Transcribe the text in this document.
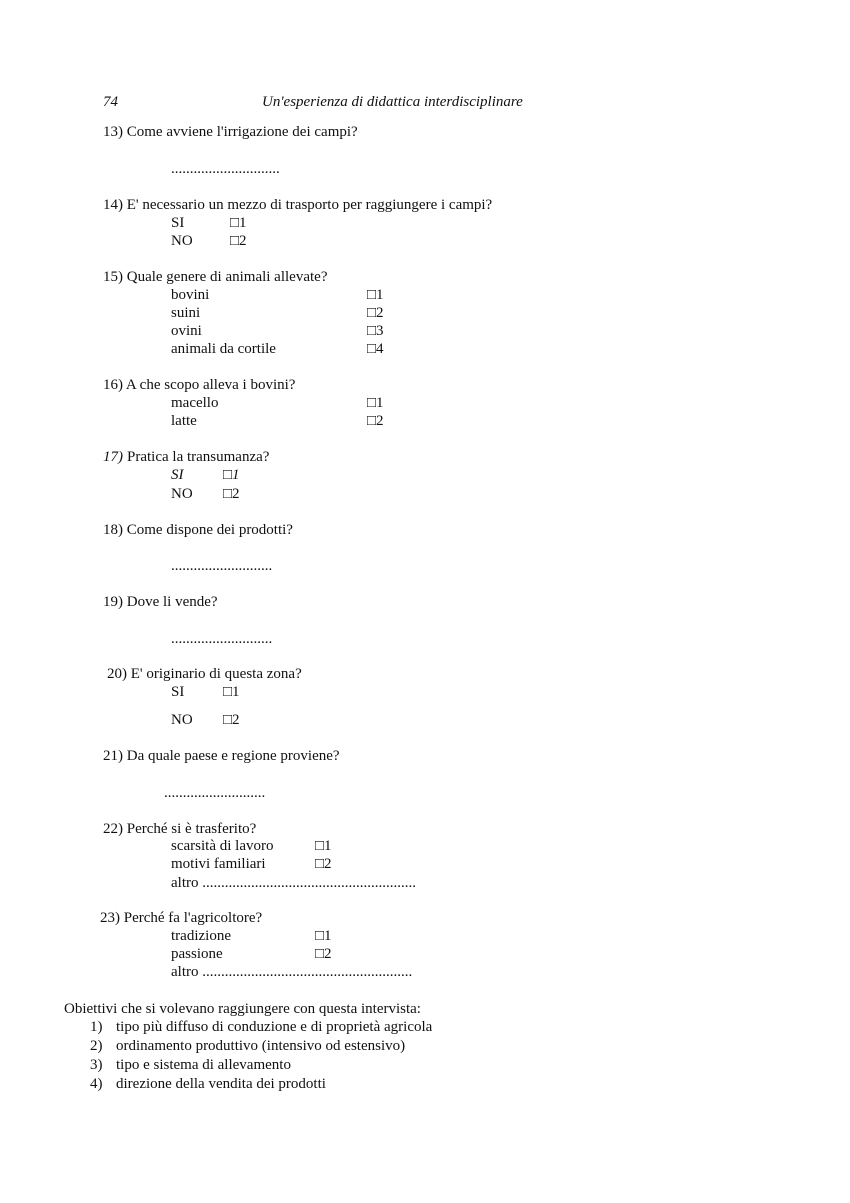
74	Un'esperienza di didattica interdisciplinare
13) Come avviene l'irrigazione dei campi?
.............................
14) E' necessario un mezzo di trasporto per raggiungere i campi?
SI	□1
NO □2
15) Quale genere di animali allevate?
bovini	□1
suini	□2
ovini	□3
animali da cortile	□4
16) A che scopo alleva i bovini?
macello	□1
latte	□2
17) Pratica la transumanza?
SI	□1
NO □2
18) Come dispone dei prodotti?
...........................
19) Dove li vende?
...........................
20) E' originario di questa zona?
SI	□1
NO □2
21) Da quale paese e regione proviene?
...........................
22) Perché si è trasferito?
scarsità di lavoro	□1
motivi familiari	□2
altro .........................................................
23) Perché fa l'agricoltore?
tradizione	□1
passione	□2
altro ........................................................
Obiettivi che si volevano raggiungere con questa intervista:
1) tipo più diffuso di conduzione e di proprietà agricola
2) ordinamento produttivo (intensivo od estensivo)
3) tipo e sistema di allevamento
4) direzione della vendita dei prodotti
